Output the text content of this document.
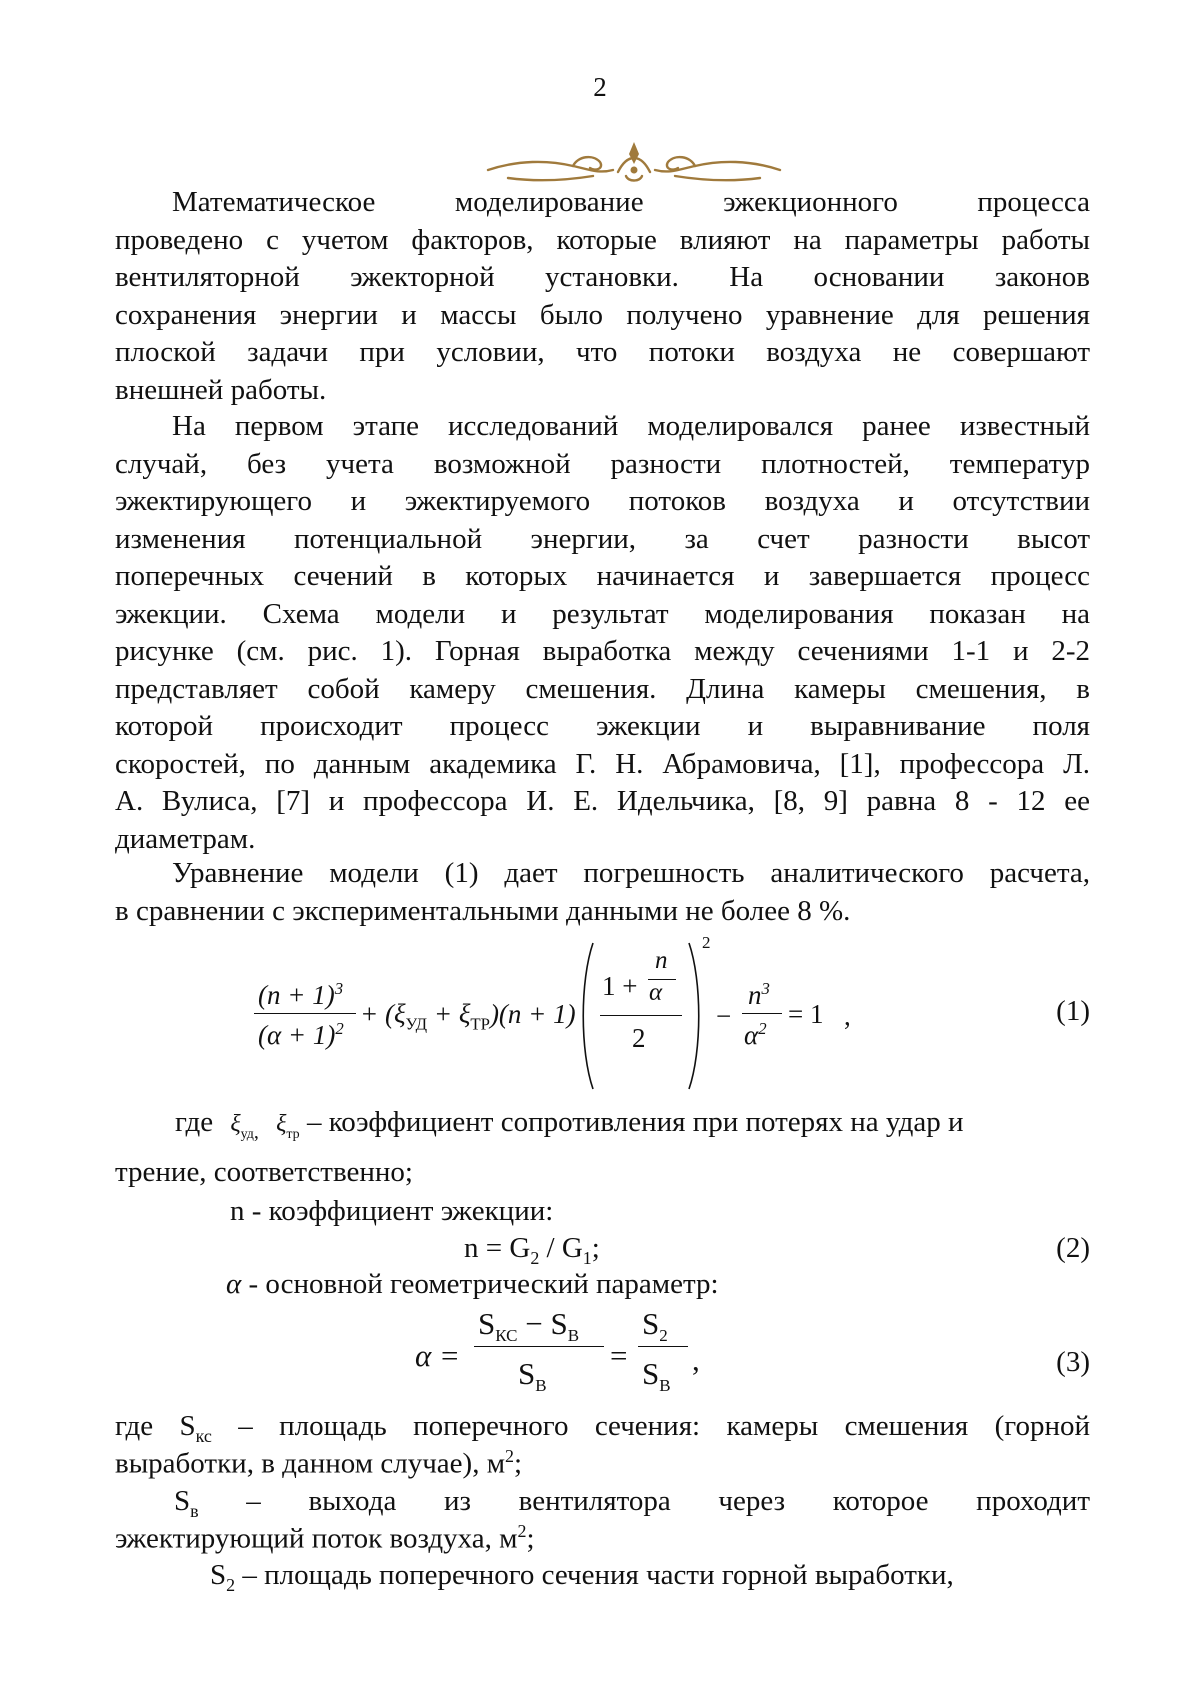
2

Математическое моделирование эжекционного процесса

проведено с учетом факторов, которые влияют на параметры работы

вентиляторной эжекторной установки. На основании законов

сохранения энергии и массы было получено уравнение для решения

плоской задачи при условии, что потоки воздуха не совершают

внешней работы.

На первом этапе исследований моделировался ранее известный

случай, без учета возможной разности плотностей, температур

эжектирующего и эжектируемого потоков воздуха и отсутствии

изменения потенциальной энергии, за счет разности высот

поперечных сечений в которых начинается и завершается процесс

эжекции. Схема модели и результат моделирования показан на

рисунке (см. рис. 1). Горная выработка между сечениями 1-1 и 2-2

представляет собой камеру смешения. Длина камеры смешения, в

которой происходит процесс эжекции и выравнивание поля

скоростей, по данным академика Г. Н. Абрамовича, [1], профессора Л.

А. Вулиса, [7] и профессора И. Е. Идельчика, [8, 9] равна 8 - 12 ее

диаметрам.

Уравнение модели (1) дает погрешность аналитического расчета,

в сравнении с экспериментальными данными не более 8 %.

$(n + 1)^3$
$(\alpha + 1)^2 + (\xi_{УД} + \xi_{ТР})(n + 1)$
1 +
n
α
2
2
−
$n^3$
$\alpha^2 = 1$ ,	(1)
где $\xi_{уд,}$ $\xi_{тр}$ – коэффициент сопротивления при потерях на удар и
трение, соответственно;
n - коэффициент эжекции:
$n = G_2 / G_1$;	(2)
α - основной геометрический параметр:
α =
$S_{КС} - S_В$
$S_В$
=
$S_2$
$S_В$
,	(3)

где $S_{кс}$ – площадь поперечного сечения: камеры смешения (горной

выработки, в данном случае), $м^2$;

$S_в$ – выхода из вентилятора через которое проходит

эжектирующий поток воздуха, $м^2$;
$S_2$ – площадь поперечного сечения части горной выработки,
